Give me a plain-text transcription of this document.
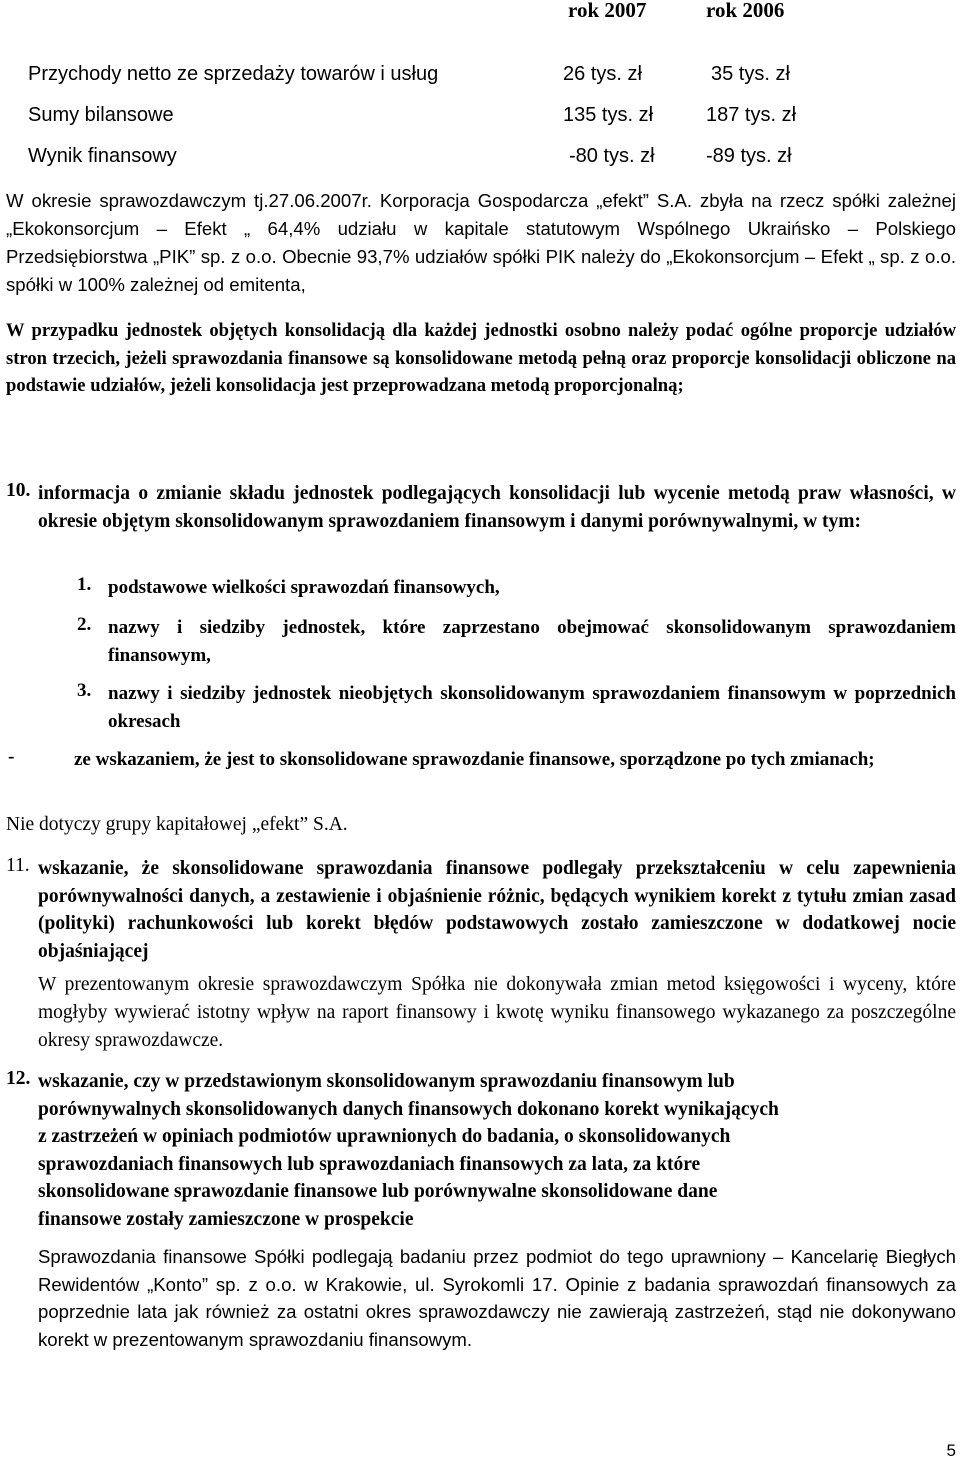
rok 2007	rok 2006
Przychody netto ze sprzedaży towarów i usług	26 tys. zł	35 tys. zł
Sumy bilansowe	135 tys. zł	187 tys. zł
Wynik finansowy	-80 tys. zł	-89 tys. zł
W okresie sprawozdawczym tj.27.06.2007r. Korporacja Gospodarcza „efekt” S.A. zbyła na rzecz spółki zależnej „Ekokonsorcjum – Efekt „ 64,4% udziału w kapitale statutowym Wspólnego Ukraińsko – Polskiego Przedsiębiorstwa „PIK” sp. z o.o. Obecnie 93,7% udziałów spółki PIK należy do „Ekokonsorcjum – Efekt „ sp. z o.o. spółki w 100% zależnej od emitenta,
W przypadku jednostek objętych konsolidacją dla każdej jednostki osobno należy podać ogólne proporcje udziałów stron trzecich, jeżeli sprawozdania finansowe są konsolidowane metodą pełną oraz proporcje konsolidacji obliczone na podstawie udziałów, jeżeli konsolidacja jest przeprowadzana metodą proporcjonalną;
10. informacja o zmianie składu jednostek podlegających konsolidacji lub wycenie metodą praw własności, w okresie objętym skonsolidowanym sprawozdaniem finansowym i danymi porównywalnymi, w tym:
1. podstawowe wielkości sprawozdań finansowych,
2. nazwy i siedziby jednostek, które zaprzestano obejmować skonsolidowanym sprawozdaniem finansowym,
3. nazwy i siedziby jednostek nieobjętych skonsolidowanym sprawozdaniem finansowym w poprzednich okresach
-	ze wskazaniem, że jest to skonsolidowane sprawozdanie finansowe, sporządzone po tych zmianach;
Nie dotyczy grupy kapitałowej „efekt” S.A.
11. wskazanie, że skonsolidowane sprawozdania finansowe podlegały przekształceniu w celu zapewnienia porównywalności danych, a zestawienie i objaśnienie różnic, będących wynikiem korekt z tytułu zmian zasad (polityki) rachunkowości lub korekt błędów podstawowych zostało zamieszczone w dodatkowej nocie objaśniającej
W prezentowanym okresie sprawozdawczym Spółka nie dokonywała zmian metod księgowości i wyceny, które mogłyby wywierać istotny wpływ na raport finansowy i kwotę wyniku finansowego wykazanego za poszczególne okresy sprawozdawcze.
12. wskazanie, czy w przedstawionym skonsolidowanym sprawozdaniu finansowym lub
porównywalnych skonsolidowanych danych finansowych dokonano korekt wynikających
z zastrzeżeń w opiniach podmiotów uprawnionych do badania, o skonsolidowanych
sprawozdaniach finansowych lub sprawozdaniach finansowych za lata, za które
skonsolidowane sprawozdanie finansowe lub porównywalne skonsolidowane dane
finansowe zostały zamieszczone w prospekcie
Sprawozdania finansowe Spółki podlegają badaniu przez podmiot do tego uprawniony – Kancelarię Biegłych Rewidentów „Konto” sp. z o.o. w Krakowie, ul. Syrokomli 17. Opinie z badania sprawozdań finansowych za poprzednie lata jak również za ostatni okres sprawozdawczy nie zawierają zastrzeżeń, stąd nie dokonywano korekt w prezentowanym sprawozdaniu finansowym.
5
